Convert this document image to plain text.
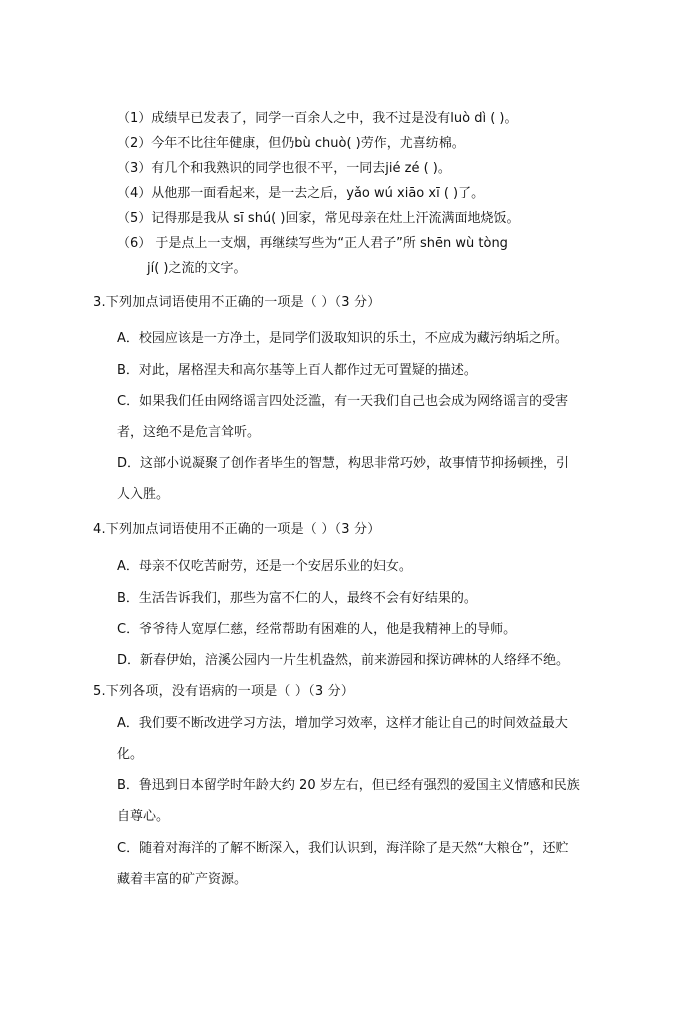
（1）成绩早已发表了，同学一百余人之中，我不过是没有luò dì ( )。
（2）今年不比往年健康，但仍bù chuò( )劳作，尤喜纺棉。
（3）有几个和我熟识的同学也很不平，一同去jié zé ( )。
（4）从他那一面看起来，是一去之后，yǎo wú xiāo xī ( )了。
（5）记得那是我从 sī shú( )回家，常见母亲在灶上汗流满面地烧饭。
（6） 于是点上一支烟，再继续写些为“正人君子”所 shēn wù tòng
jí( )之流的文字。
3.下列加点词语使用不正确的一项是（ ）（3 分）
A．校园应该是一方净土，是同学们汲取知识的乐土，不应成为藏污纳垢之所。
B．对此，屠格涅夫和高尔基等上百人都作过无可置疑的描述。
C．如果我们任由网络谣言四处泛滥，有一天我们自己也会成为网络谣言的受害
者，这绝不是危言耸听。
D．这部小说凝聚了创作者毕生的智慧，构思非常巧妙，故事情节抑扬顿挫，引
人入胜。
4.下列加点词语使用不正确的一项是（ ）（3 分）
A．母亲不仅吃苦耐劳，还是一个安居乐业的妇女。
B．生活告诉我们，那些为富不仁的人，最终不会有好结果的。
C．爷爷待人宽厚仁慈，经常帮助有困难的人，他是我精神上的导师。
D．新春伊始，涪溪公园内一片生机盎然，前来游园和探访碑林的人络绎不绝。
5.下列各项，没有语病的一项是（ ）（3 分）
A．我们要不断改进学习方法，增加学习效率，这样才能让自己的时间效益最大
化。
B．鲁迅到日本留学时年龄大约 20 岁左右，但已经有强烈的爱国主义情感和民族
自尊心。
C．随着对海洋的了解不断深入，我们认识到，海洋除了是天然“大粮仓”，还贮
藏着丰富的矿产资源。
